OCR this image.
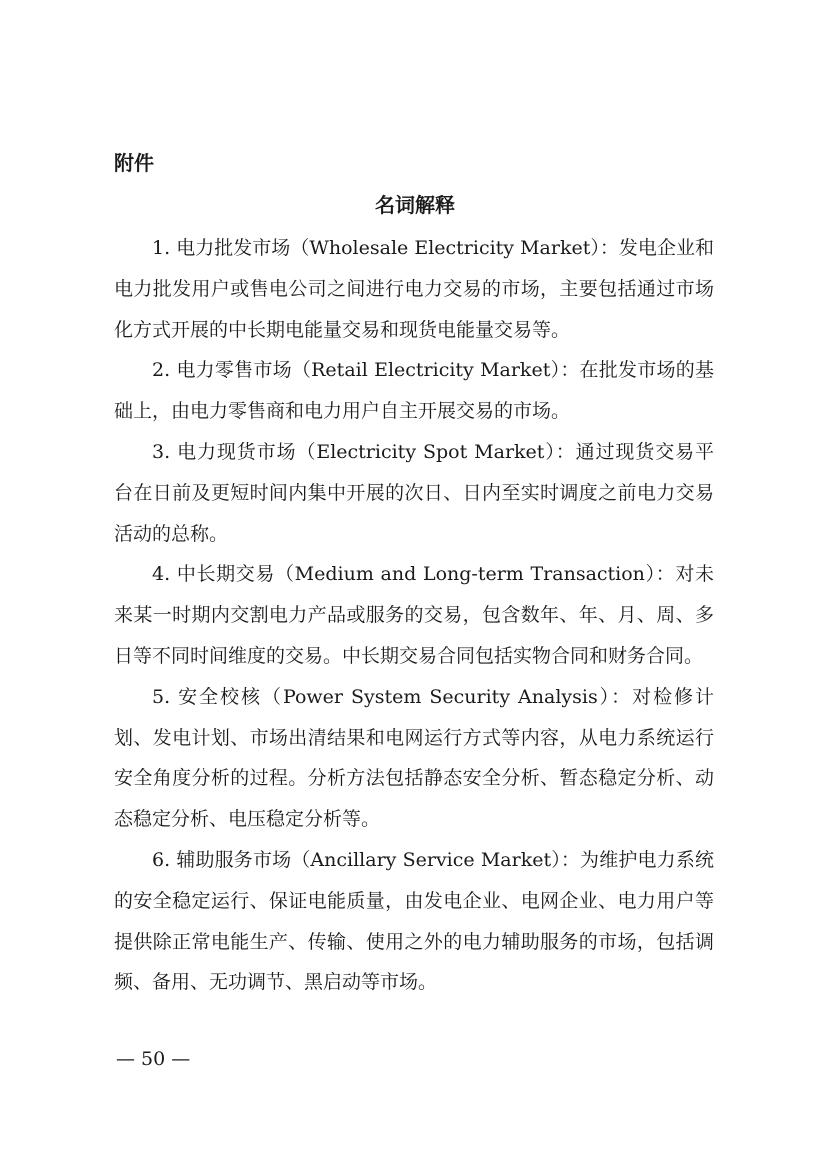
附件
名词解释

1. 电力批发市场（Wholesale Electricity Market）：发电企业和电力批发用户或售电公司之间进行电力交易的市场，主要包括通过市场化方式开展的中长期电能量交易和现货电能量交易等。

2. 电力零售市场（Retail Electricity Market）：在批发市场的基础上，由电力零售商和电力用户自主开展交易的市场。

3. 电力现货市场（Electricity Spot Market）：通过现货交易平台在日前及更短时间内集中开展的次日、日内至实时调度之前电力交易活动的总称。

4. 中长期交易（Medium and Long-term Transaction）：对未来某一时期内交割电力产品或服务的交易，包含数年、年、月、周、多日等不同时间维度的交易。中长期交易合同包括实物合同和财务合同。

5. 安全校核（Power System Security Analysis）：对检修计划、发电计划、市场出清结果和电网运行方式等内容，从电力系统运行安全角度分析的过程。分析方法包括静态安全分析、暂态稳定分析、动态稳定分析、电压稳定分析等。

6. 辅助服务市场（Ancillary Service Market）：为维护电力系统的安全稳定运行、保证电能质量，由发电企业、电网企业、电力用户等提供除正常电能生产、传输、使用之外的电力辅助服务的市场，包括调频、备用、无功调节、黑启动等市场。

— 50 —
